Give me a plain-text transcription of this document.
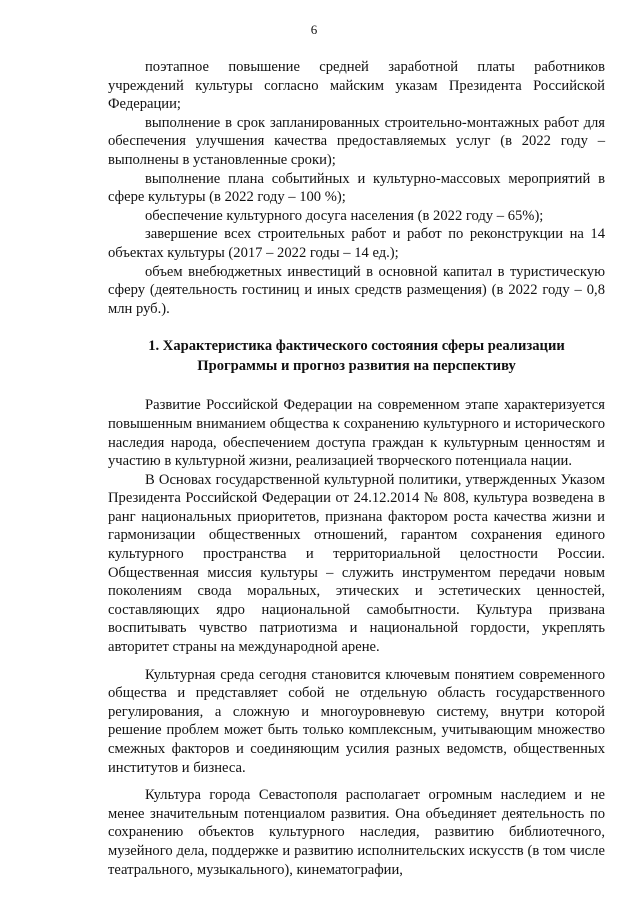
6

поэтапное повышение средней заработной платы работников учреждений культуры согласно майским указам Президента Российской Федерации;

выполнение в срок запланированных строительно-монтажных работ для обеспечения улучшения качества предоставляемых услуг (в 2022 году – выполнены в установленные сроки);

выполнение плана событийных и культурно-массовых мероприятий в сфере культуры (в 2022 году – 100 %);

обеспечение культурного досуга населения (в 2022 году – 65%);

завершение всех строительных работ и работ по реконструкции на 14 объектах культуры (2017 – 2022 годы – 14 ед.);

объем внебюджетных инвестиций в основной капитал в туристическую сферу (деятельность гостиниц и иных средств размещения) (в 2022 году – 0,8 млн руб.).

1. Характеристика фактического состояния сферы реализации
Программы и прогноз развития на перспективу

Развитие Российской Федерации на современном этапе характеризуется повышенным вниманием общества к сохранению культурного и исторического наследия народа, обеспечением доступа граждан к культурным ценностям и участию в культурной жизни, реализацией творческого потенциала нации.

В Основах государственной культурной политики, утвержденных Указом Президента Российской Федерации от 24.12.2014 № 808, культура возведена в ранг национальных приоритетов, признана фактором роста качества жизни и гармонизации общественных отношений, гарантом сохранения единого культурного пространства и территориальной целостности России. Общественная миссия культуры – служить инструментом передачи новым поколениям свода моральных, этических и эстетических ценностей, составляющих ядро национальной самобытности. Культура призвана воспитывать чувство патриотизма и национальной гордости, укреплять авторитет страны на международной арене.

Культурная среда сегодня становится ключевым понятием современного общества и представляет собой не отдельную область государственного регулирования, а сложную и многоуровневую систему, внутри которой решение проблем может быть только комплексным, учитывающим множество смежных факторов и соединяющим усилия разных ведомств, общественных институтов и бизнеса.

Культура города Севастополя располагает огромным наследием и не менее значительным потенциалом развития. Она объединяет деятельность по сохранению объектов культурного наследия, развитию библиотечного, музейного дела, поддержке и развитию исполнительских искусств (в том числе театрального, музыкального), кинематографии,
